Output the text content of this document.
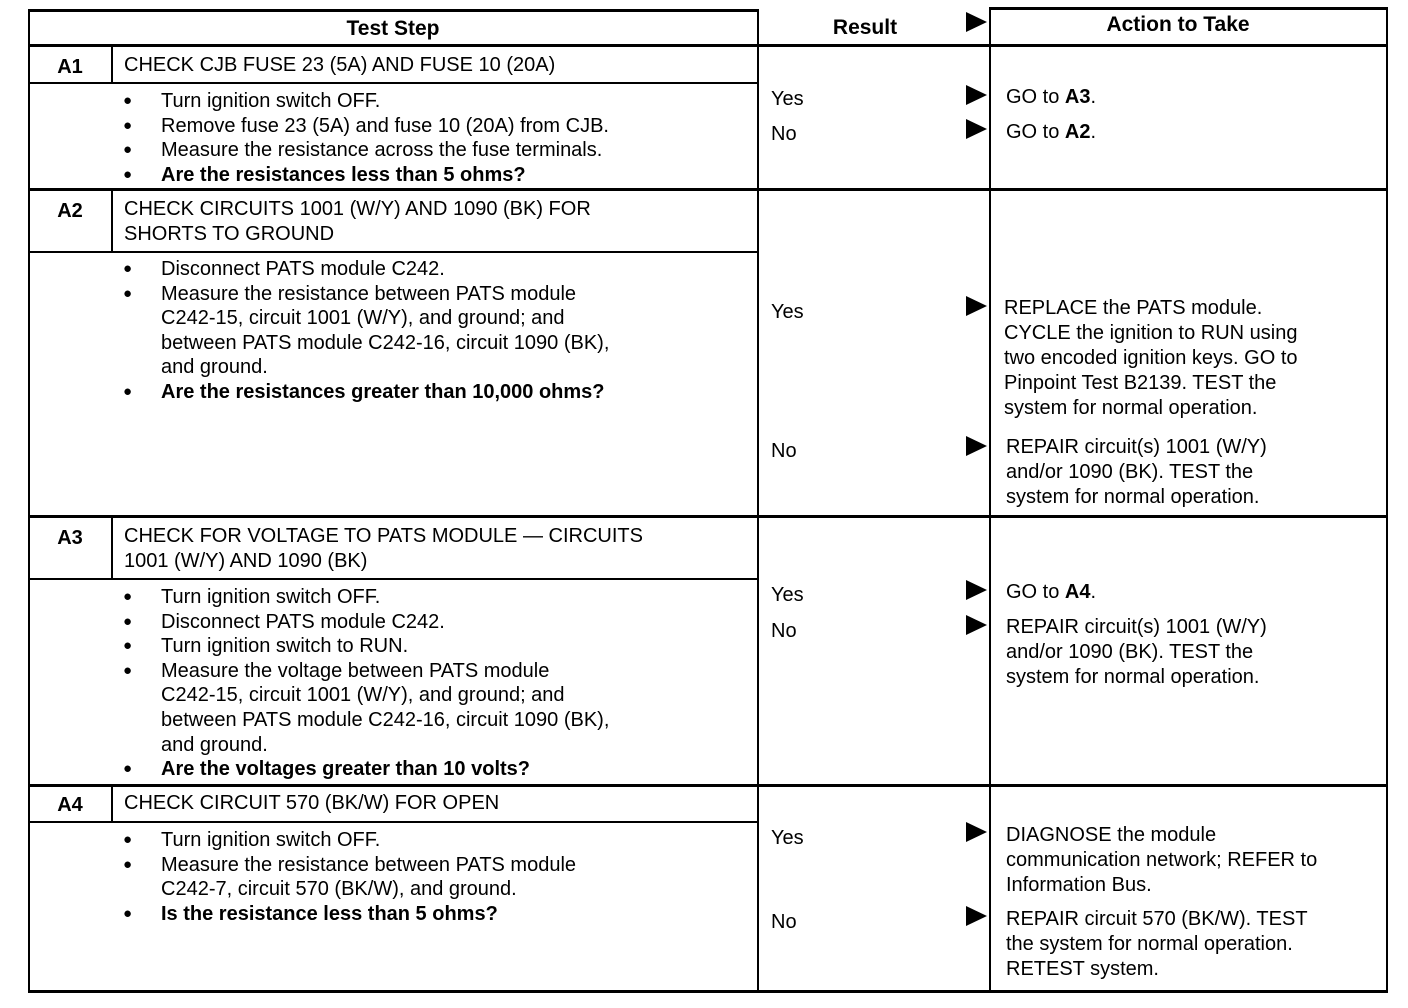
Test Step	Result	Action to Take
A1	CHECK CJB FUSE 23 (5A) AND FUSE 10 (20A)
● Turn ignition switch OFF.
● Remove fuse 23 (5A) and fuse 10 (20A) from CJB.
● Measure the resistance across the fuse terminals.
● Are the resistances less than 5 ohms?
Yes	GO to A3.
No	GO to A2.
A2	CHECK CIRCUITS 1001 (W/Y) AND 1090 (BK) FOR
SHORTS TO GROUND
● Disconnect PATS module C242.
● Measure the resistance between PATS module
C242-15, circuit 1001 (W/Y), and ground; and
between PATS module C242-16, circuit 1090 (BK),
and ground.
● Are the resistances greater than 10,000 ohms?
Yes	REPLACE the PATS module.
CYCLE the ignition to RUN using
two encoded ignition keys. GO to
Pinpoint Test B2139. TEST the
system for normal operation.
No	REPAIR circuit(s) 1001 (W/Y)
and/or 1090 (BK). TEST the
system for normal operation.
A3	CHECK FOR VOLTAGE TO PATS MODULE — CIRCUITS
1001 (W/Y) AND 1090 (BK)
● Turn ignition switch OFF.
● Disconnect PATS module C242.
● Turn ignition switch to RUN.
● Measure the voltage between PATS module
C242-15, circuit 1001 (W/Y), and ground; and
between PATS module C242-16, circuit 1090 (BK),
and ground.
● Are the voltages greater than 10 volts?
Yes	GO to A4.
No	REPAIR circuit(s) 1001 (W/Y)
and/or 1090 (BK). TEST the
system for normal operation.
A4	CHECK CIRCUIT 570 (BK/W) FOR OPEN
● Turn ignition switch OFF.
● Measure the resistance between PATS module
C242-7, circuit 570 (BK/W), and ground.
● Is the resistance less than 5 ohms?
Yes	DIAGNOSE the module
communication network; REFER to
Information Bus.
No	REPAIR circuit 570 (BK/W). TEST
the system for normal operation.
RETEST system.
